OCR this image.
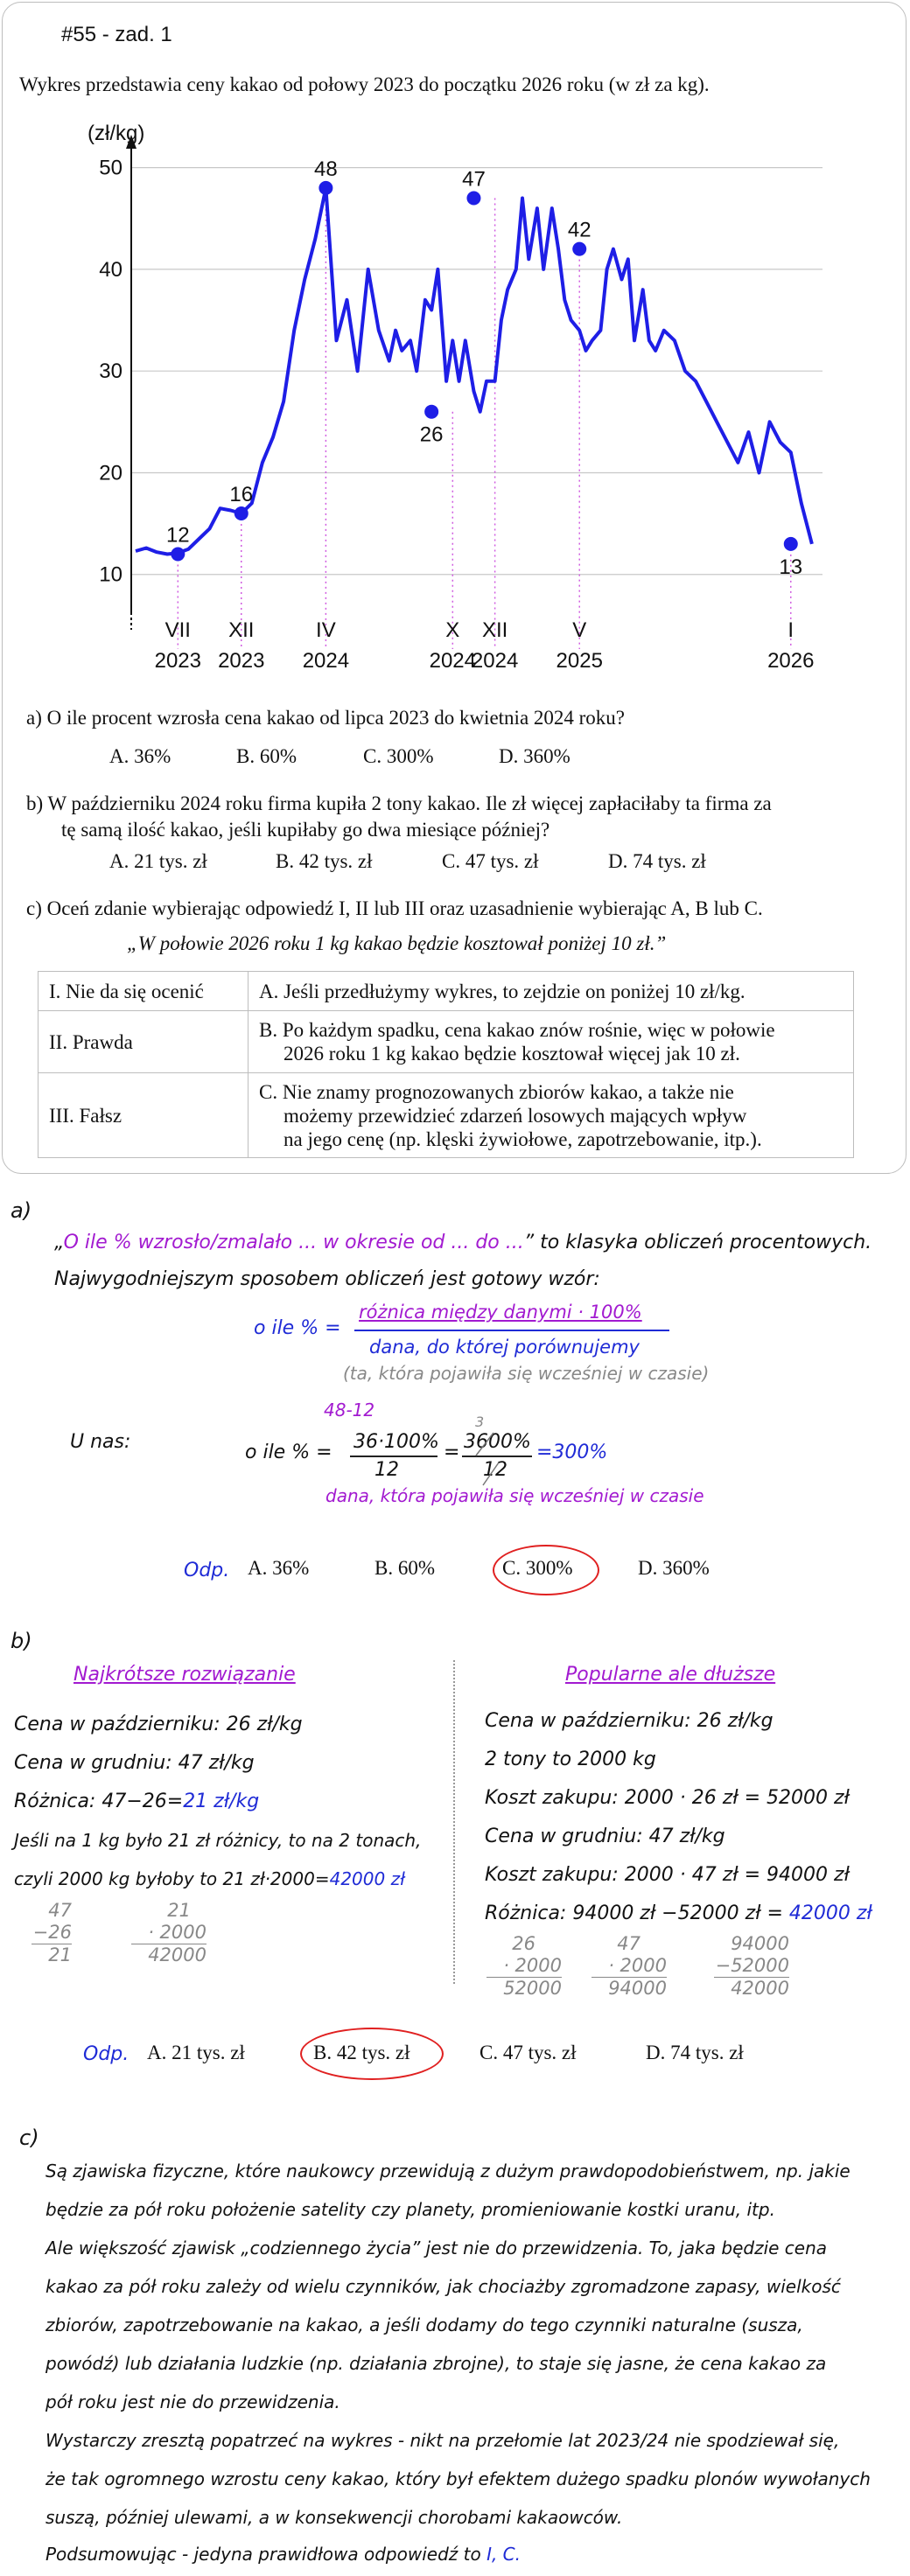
#55 - zad. 1
Wykres przedstawia ceny kakao od połowy 2023 do początku 2026 roku (w zł za kg).
10
20
30
40
50
(zł/kg)
VII
2023
XII
2023
IV
2024
X
2024
XII
2024
V
2025
I
2026
12
16
48
26
47
42
13
a) O ile procent wzrosła cena kakao od lipca 2023 do kwietnia 2024 roku?
A. 36%	B. 60%	C. 300%	D. 360%
b) W październiku 2024 roku firma kupiła 2 tony kakao. Ile zł więcej zapłaciłaby ta firma za
tę samą ilość kakao, jeśli kupiłaby go dwa miesiące później?
A. 21 tys. zł	B. 42 tys. zł	C. 47 tys. zł	D. 74 tys. zł
c) Oceń zdanie wybierając odpowiedź I, II lub III oraz uzasadnienie wybierając A, B lub C.
„W połowie 2026 roku 1 kg kakao będzie kosztował poniżej 10 zł.”
I. Nie da się ocenić	A. Jeśli przedłużymy wykres, to zejdzie on poniżej 10 zł/kg.

II. Prawda	B. Po każdym spadku, cena kakao znów rośnie, więc w połowie
2026 roku 1 kg kakao będzie kosztował więcej jak 10 zł.

III. Fałsz	C. Nie znamy prognozowanych zbiorów kakao, a także nie
możemy przewidzieć zdarzeń losowych mających wpływ
na jego cenę (np. klęski żywiołowe, zapotrzebowanie, itp.).
a)
„O ile % wzrosło/zmalało ... w okresie od ... do ...” to klasyka obliczeń procentowych.
Najwygodniejszym sposobem obliczeń jest gotowy wzór:
o ile % =
różnica między danymi · 100%
dana, do której porównujemy
(ta, która pojawiła się wcześniej w czasie)
U nas:
48-12
o ile % = 36·100%
12
=
3
3600%
12
=300%
dana, która pojawiła się wcześniej w czasie
Odp. A. 36%	B. 60%	C. 300%	D. 360%
b)
Najkrótsze rozwiązanie
Cena w październiku: 26 zł/kg
Cena w grudniu: 47 zł/kg
Różnica: 47−26=21 zł/kg
Jeśli na 1 kg było 21 zł różnicy, to na 2 tonach,
czyli 2000 kg byłoby to 21 zł·2000=42000 zł
47
−26
21
21
· 2000
42000
Popularne ale dłuższe
Cena w październiku: 26 zł/kg
2 tony to 2000 kg
Koszt zakupu: 2000 · 26 zł = 52000 zł
Cena w grudniu: 47 zł/kg
Koszt zakupu: 2000 · 47 zł = 94000 zł
Różnica: 94000 zł −52000 zł = 42000 zł
26
· 2000
52000
47
· 2000
94000
94000
−52000
42000
Odp. A. 21 tys. zł	B. 42 tys. zł	C. 47 tys. zł	D. 74 tys. zł
c)

Są zjawiska fizyczne, które naukowcy przewidują z dużym prawdopodobieństwem, np. jakie

będzie za pół roku położenie satelity czy planety, promieniowanie kostki uranu, itp.

Ale większość zjawisk „codziennego życia” jest nie do przewidzenia. To, jaka będzie cena

kakao za pół roku zależy od wielu czynników, jak chociażby zgromadzone zapasy, wielkość

zbiorów, zapotrzebowanie na kakao, a jeśli dodamy do tego czynniki naturalne (susza,

powódź) lub działania ludzkie (np. działania zbrojne), to staje się jasne, że cena kakao za

pół roku jest nie do przewidzenia.

Wystarczy zresztą popatrzeć na wykres - nikt na przełomie lat 2023/24 nie spodziewał się,

że tak ogromnego wzrostu ceny kakao, który był efektem dużego spadku plonów wywołanych

suszą, później ulewami, a w konsekwencji chorobami kakaowców.

Podsumowując - jedyna prawidłowa odpowiedź to I, C.
